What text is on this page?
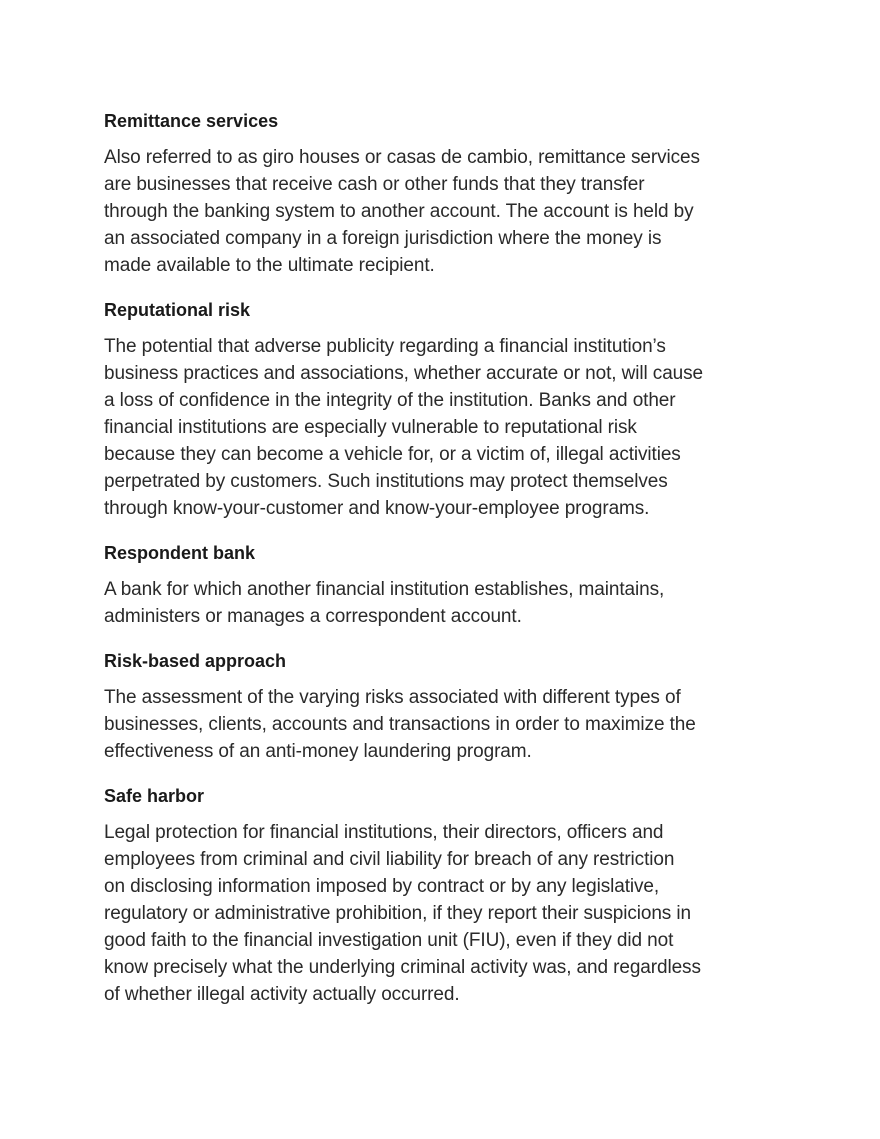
Remittance services
Also referred to as giro houses or casas de cambio, remittance services
are businesses that receive cash or other funds that they transfer
through the banking system to another account. The account is held by
an associated company in a foreign jurisdiction where the money is
made available to the ultimate recipient.
Reputational risk
The potential that adverse publicity regarding a financial institution’s
business practices and associations, whether accurate or not, will cause
a loss of confidence in the integrity of the institution. Banks and other
financial institutions are especially vulnerable to reputational risk
because they can become a vehicle for, or a victim of, illegal activities
perpetrated by customers. Such institutions may protect themselves
through know-your-customer and know-your-employee programs.
Respondent bank
A bank for which another financial institution establishes, maintains,
administers or manages a correspondent account.
Risk-based approach
The assessment of the varying risks associated with different types of
businesses, clients, accounts and transactions in order to maximize the
effectiveness of an anti-money laundering program.
Safe harbor
Legal protection for financial institutions, their directors, officers and
employees from criminal and civil liability for breach of any restriction
on disclosing information imposed by contract or by any legislative,
regulatory or administrative prohibition, if they report their suspicions in
good faith to the financial investigation unit (FIU), even if they did not
know precisely what the underlying criminal activity was, and regardless
of whether illegal activity actually occurred.
